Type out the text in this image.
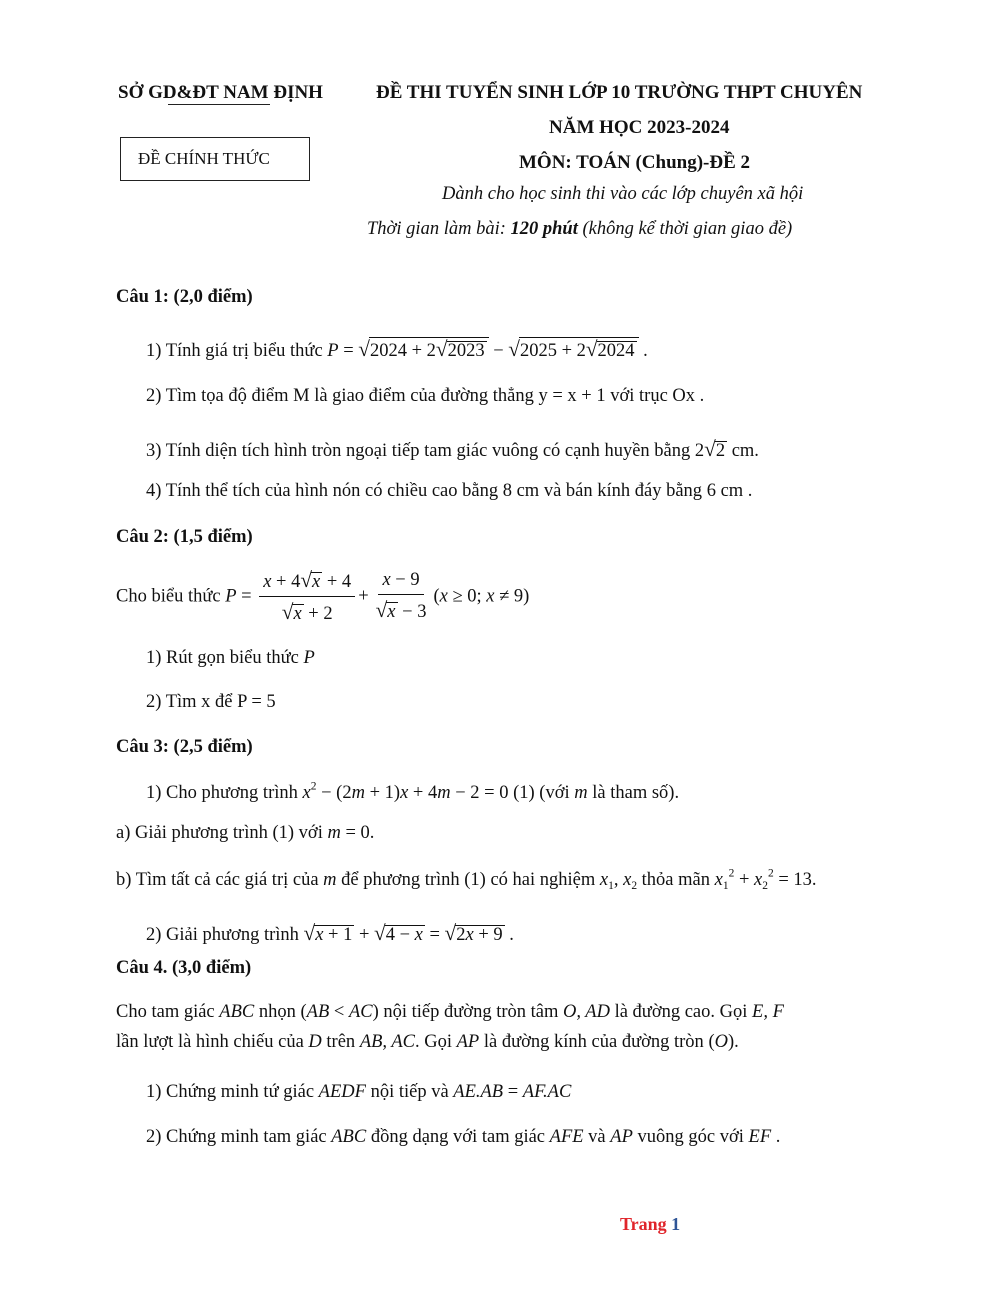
SỞ GD&ĐT NAM ĐỊNH	ĐỀ THI TUYỂN SINH LỚP 10 TRƯỜNG THPT CHUYÊN
NĂM HỌC 2023-2024
ĐỀ CHÍNH THỨC	MÔN: TOÁN (Chung)-ĐỀ 2
Dành cho học sinh thi vào các lớp chuyên xã hội
Thời gian làm bài: 120 phút (không kể thời gian giao đề)
Câu 1: (2,0 điểm)
1) Tính giá trị biểu thức P = √2024 + 2√2023 − √2025 + 2√2024 .
2) Tìm tọa độ điểm M là giao điểm của đường thẳng y = x + 1 với trục Ox .
3) Tính diện tích hình tròn ngoại tiếp tam giác vuông có cạnh huyền bằng 2√2 cm.
4) Tính thể tích của hình nón có chiều cao bằng 8 cm và bán kính đáy bằng 6 cm .
Câu 2: (1,5 điểm)
Cho biểu thức $P = \frac{x + 4√x + 4}{√x + 2} + \frac{x - 9}{√x - 3} (x \ge 0$; x ≠ 9)
1) Rút gọn biểu thức P
2) Tìm x để P = 5
Câu 3: (2,5 điểm)
1) Cho phương trình $x^2 - (2m + 1)x + 4m - 2 = 0$ (1) (với m là tham số).
a) Giải phương trình (1) với m = 0.
b) Tìm tất cả các giá trị của m để phương trình (1) có hai nghiệm $x_1$, $x_2$ thỏa mãn $x_1^2 + x_2^2 = 13$.
2) Giải phương trình √x + 1 + √4 − x = √2x + 9 .
Câu 4. (3,0 điểm)
Cho tam giác ABC nhọn (AB < AC) nội tiếp đường tròn tâm O, AD là đường cao. Gọi E, F
lần lượt là hình chiếu của D trên AB, AC. Gọi AP là đường kính của đường tròn (O).
1) Chứng minh tứ giác AEDF nội tiếp và AE.AB = AF.AC
2) Chứng minh tam giác ABC đồng dạng với tam giác AFE và AP vuông góc với EF .
Trang 1
